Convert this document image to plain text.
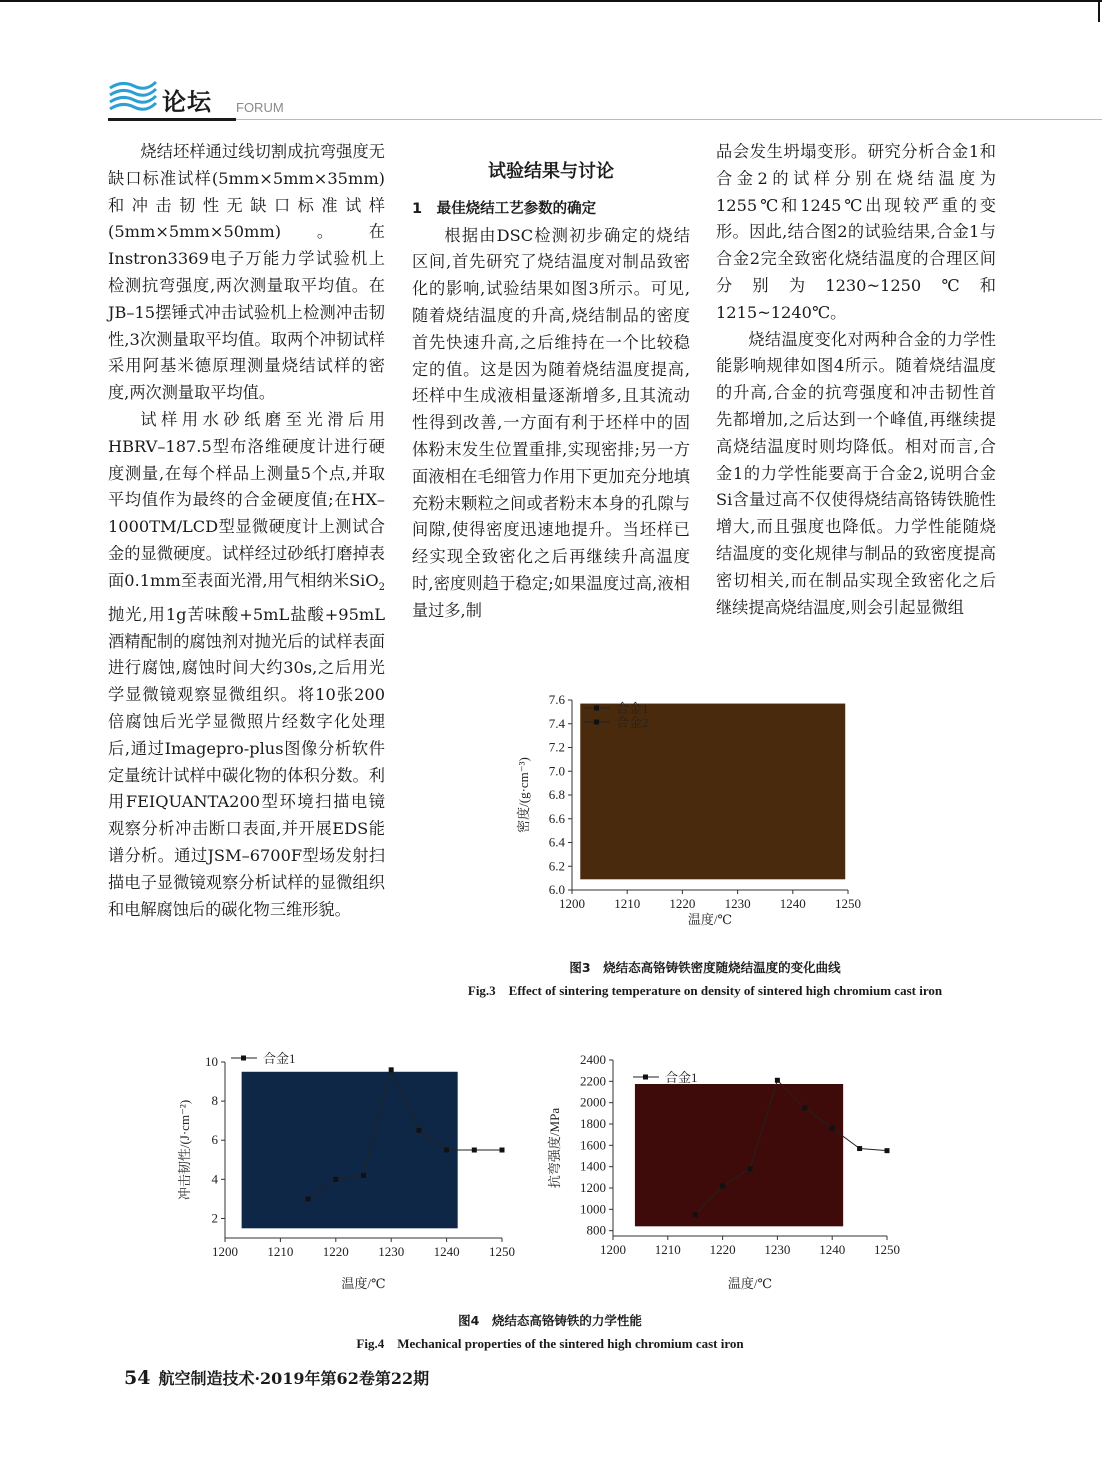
论坛 FORUM

烧结坯样通过线切割成抗弯强度无缺口标准试样(5mm×5mm×35mm)和冲击韧性无缺口标准试样(5mm×5mm×50mm)。在Instron3369电子万能力学试验机上检测抗弯强度,两次测量取平均值。在JB–15摆锤式冲击试验机上检测冲击韧性,3次测量取平均值。取两个冲韧试样采用阿基米德原理测量烧结试样的密度,两次测量取平均值。

试样用水砂纸磨至光滑后用HBRV–187.5型布洛维硬度计进行硬度测量,在每个样品上测量5个点,并取平均值作为最终的合金硬度值;在HX–1000TM/LCD型显微硬度计上测试合金的显微硬度。试样经过砂纸打磨掉表面0.1mm至表面光滑,用气相纳米SiO$_2$抛光,用1g苦味酸+5mL盐酸+95mL酒精配制的腐蚀剂对抛光后的试样表面进行腐蚀,腐蚀时间大约30s,之后用光学显微镜观察显微组织。将10张200倍腐蚀后光学显微照片经数字化处理后,通过Imagepro-plus图像分析软件定量统计试样中碳化物的体积分数。利用FEIQUANTA200型环境扫描电镜观察分析冲击断口表面,并开展EDS能谱分析。通过JSM–6700F型场发射扫描电子显微镜观察分析试样的显微组织和电解腐蚀后的碳化物三维形貌。

试验结果与讨论

1　最佳烧结工艺参数的确定

根据由DSC检测初步确定的烧结区间,首先研究了烧结温度对制品致密化的影响,试验结果如图3所示。可见,随着烧结温度的升高,烧结制品的密度首先快速升高,之后维持在一个比较稳定的值。这是因为随着烧结温度提高,坯样中生成液相量逐渐增多,且其流动性得到改善,一方面有利于坯样中的固体粉末发生位置重排,实现密排;另一方面液相在毛细管力作用下更加充分地填充粉末颗粒之间或者粉末本身的孔隙与间隙,使得密度迅速地提升。当坯样已经实现全致密化之后再继续升高温度时,密度则趋于稳定;如果温度过高,液相量过多,制

品会发生坍塌变形。研究分析合金1和合金2的试样分别在烧结温度为1255℃和1245℃出现较严重的变形。因此,结合图2的试验结果,合金1与合金2完全致密化烧结温度的合理区间分别为1230~1250℃和1215~1240℃。

烧结温度变化对两种合金的力学性能影响规律如图4所示。随着烧结温度的升高,合金的抗弯强度和冲击韧性首先都增加,之后达到一个峰值,再继续提高烧结温度时则均降低。相对而言,合金1的力学性能要高于合金2,说明合金Si含量过高不仅使得烧结高铬铸铁脆性增大,而且强度也降低。力学性能随烧结温度的变化规律与制品的致密度提高密切相关,而在制品实现全致密化之后继续提高烧结温度,则会引起显微组

1200 1210 1220 1230 1240 1250
6.0
6.2
6.4
6.6
6.8
7.0
7.2
7.4
7.6
温度/℃
密度/(g·cm⁻³)
合金1
合金2
图3　烧结态高铬铸铁密度随烧结温度的变化曲线
Fig.3　Effect of sintering temperature on density of sintered high chromium cast iron
1200 1210 1220 1230 1240 1250
2
4
6
8
10
温度/℃
冲击韧性/(J·cm⁻²)
合金1
1200 1210 1220 1230 1240 1250
800
1000
1200
1400
1600
1800
2000
2200
2400
温度/℃
抗弯强度/MPa
合金1
图4　烧结态高铬铸铁的力学性能
Fig.4　Mechanical properties of the sintered high chromium cast iron
54 航空制造技术·2019年第62卷第22期
